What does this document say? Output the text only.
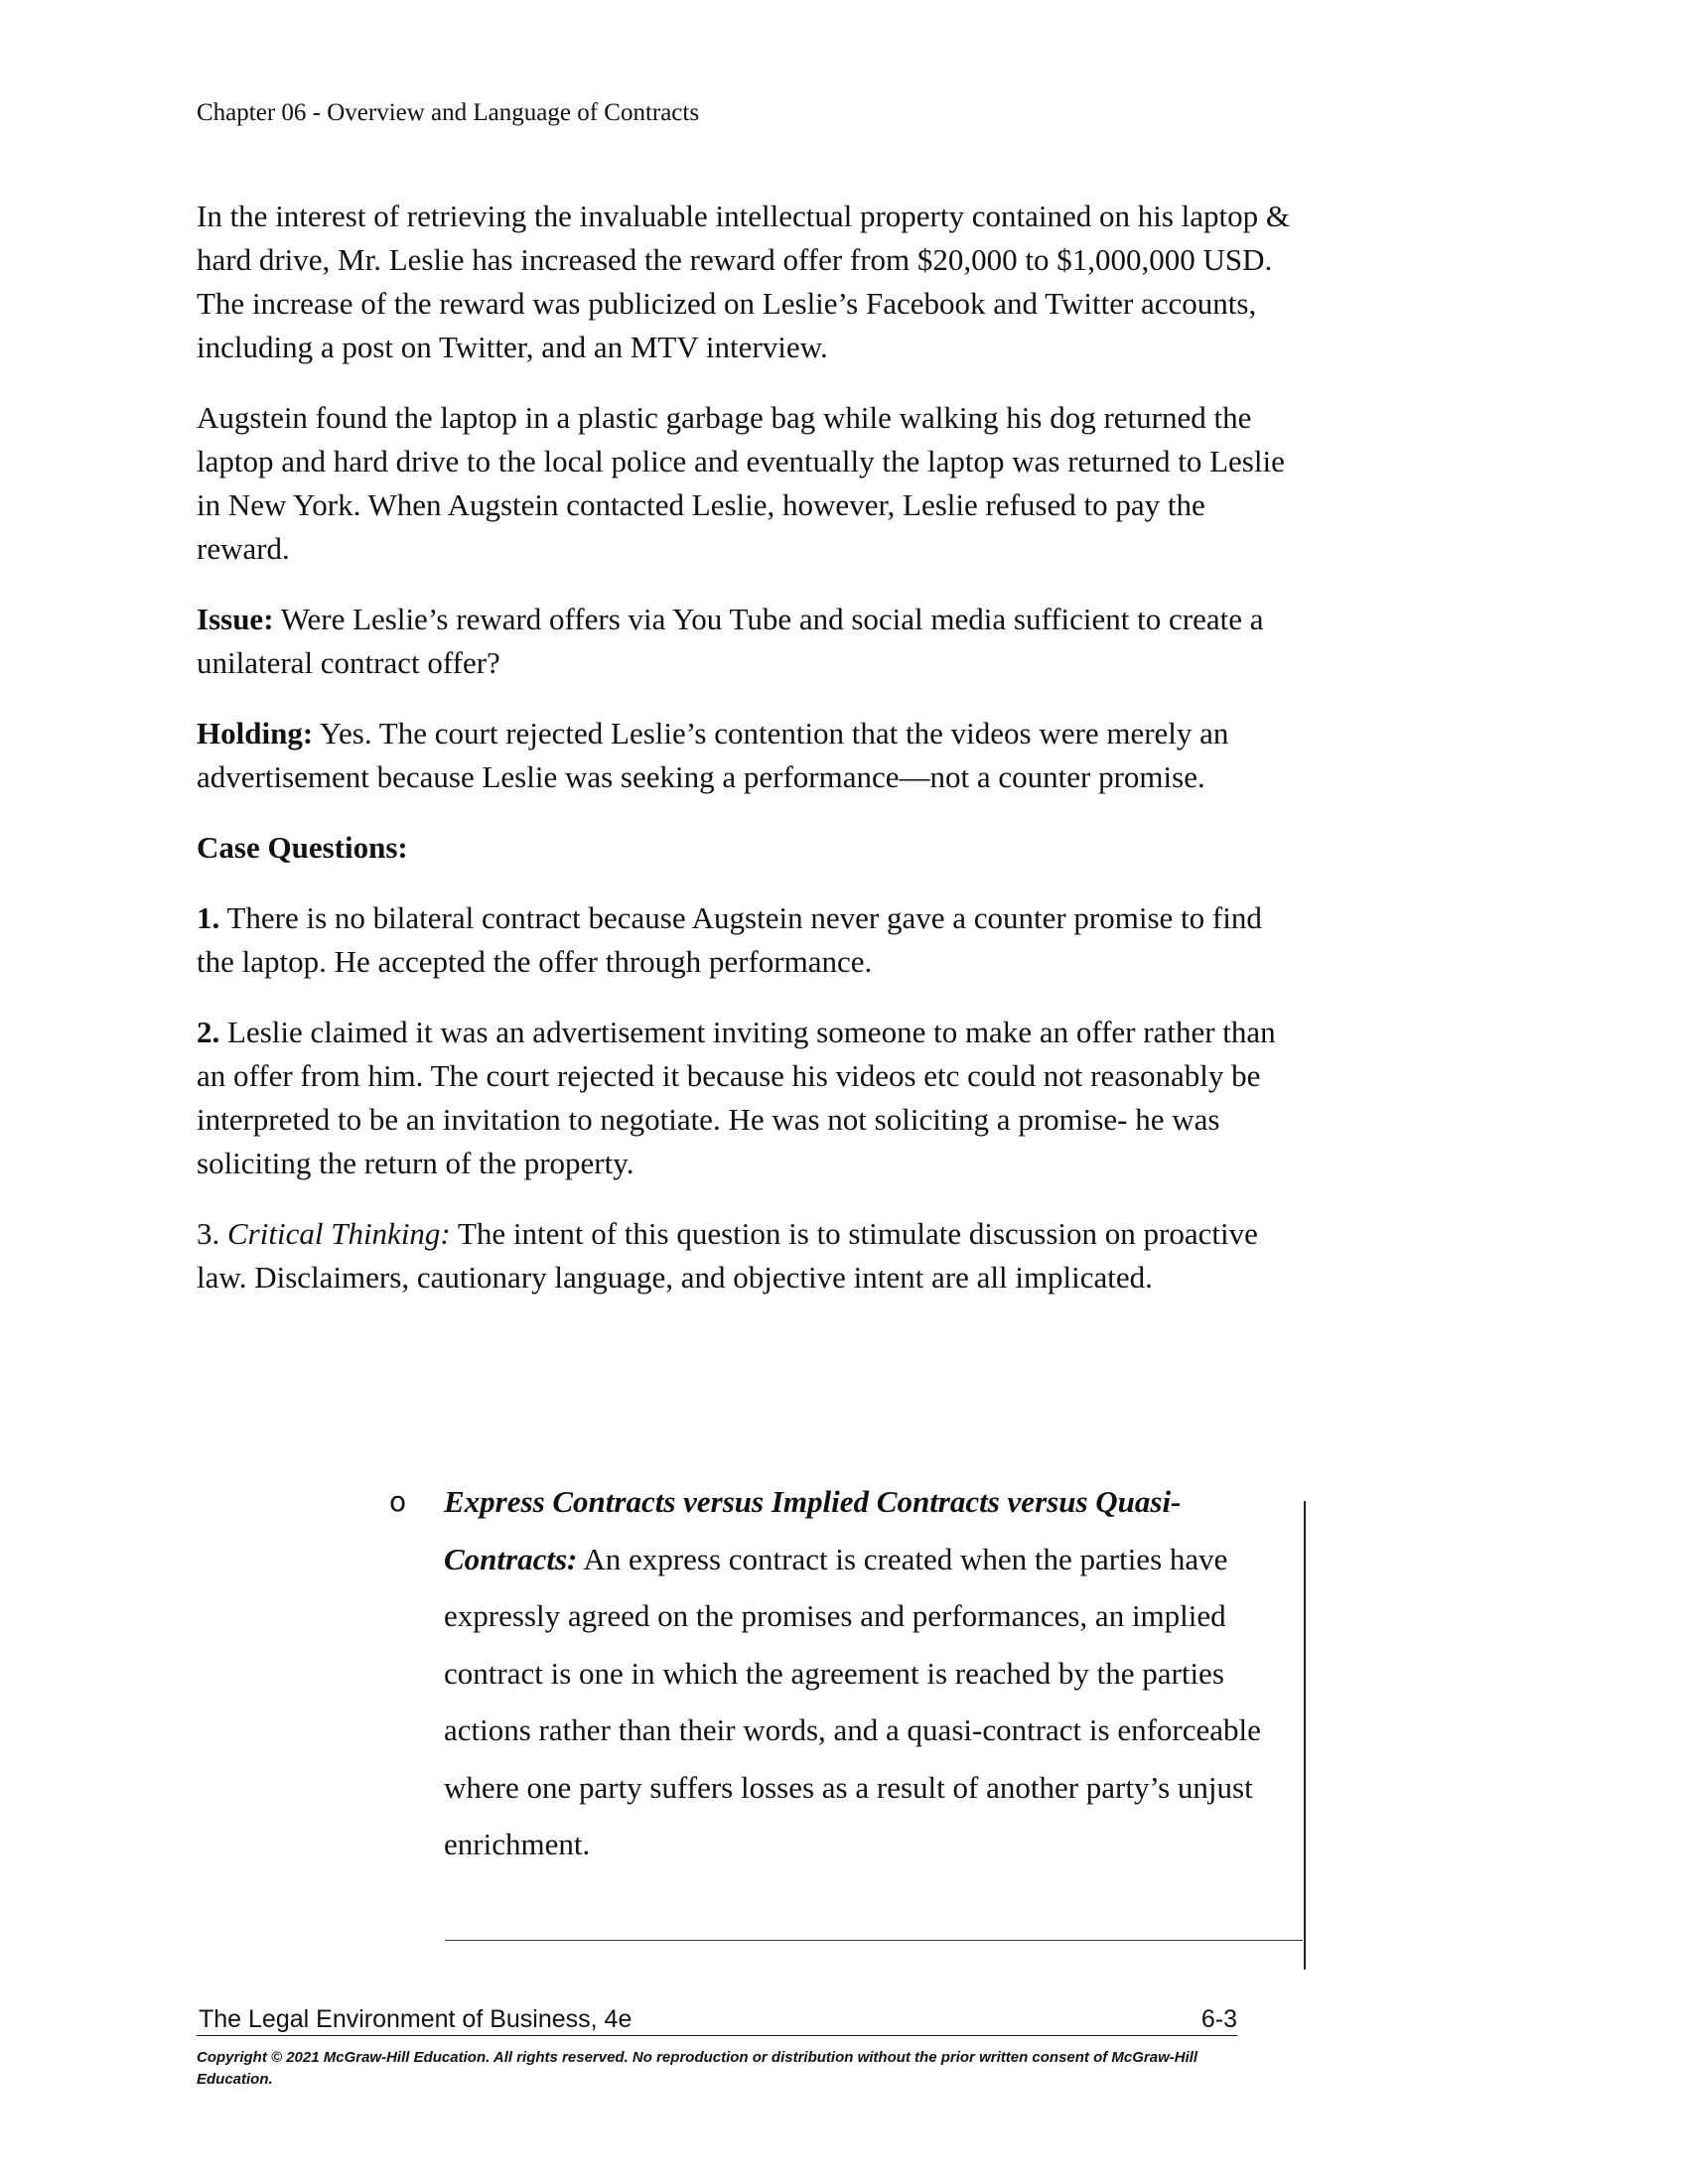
Chapter 06 - Overview and Language of Contracts

In the interest of retrieving the invaluable intellectual property contained on his laptop & hard drive, Mr. Leslie has increased the reward offer from $20,000 to $1,000,000 USD. The increase of the reward was publicized on Leslie’s Facebook and Twitter accounts, including a post on Twitter, and an MTV interview.

Augstein found the laptop in a plastic garbage bag while walking his dog returned the laptop and hard drive to the local police and eventually the laptop was returned to Leslie in New York. When Augstein contacted Leslie, however, Leslie refused to pay the reward.

Issue: Were Leslie’s reward offers via You Tube and social media sufficient to create a unilateral contract offer?

Holding: Yes. The court rejected Leslie’s contention that the videos were merely an advertisement because Leslie was seeking a performance—not a counter promise.

Case Questions:

1. There is no bilateral contract because Augstein never gave a counter promise to find the laptop. He accepted the offer through performance.

2. Leslie claimed it was an advertisement inviting someone to make an offer rather than an offer from him. The court rejected it because his videos etc could not reasonably be interpreted to be an invitation to negotiate. He was not soliciting a promise- he was soliciting the return of the property.

3. Critical Thinking: The intent of this question is to stimulate discussion on proactive law. Disclaimers, cautionary language, and objective intent are all implicated.

o	Express Contracts versus Implied Contracts versus Quasi-Contracts: An express contract is created when the parties have expressly agreed on the promises and performances, an implied contract is one in which the agreement is reached by the parties actions rather than their words, and a quasi-contract is enforceable where one party suffers losses as a result of another party’s unjust enrichment.
The Legal Environment of Business, 4e	6-3
Copyright © 2021 McGraw-Hill Education. All rights reserved. No reproduction or distribution without the prior written consent of McGraw-Hill Education.
